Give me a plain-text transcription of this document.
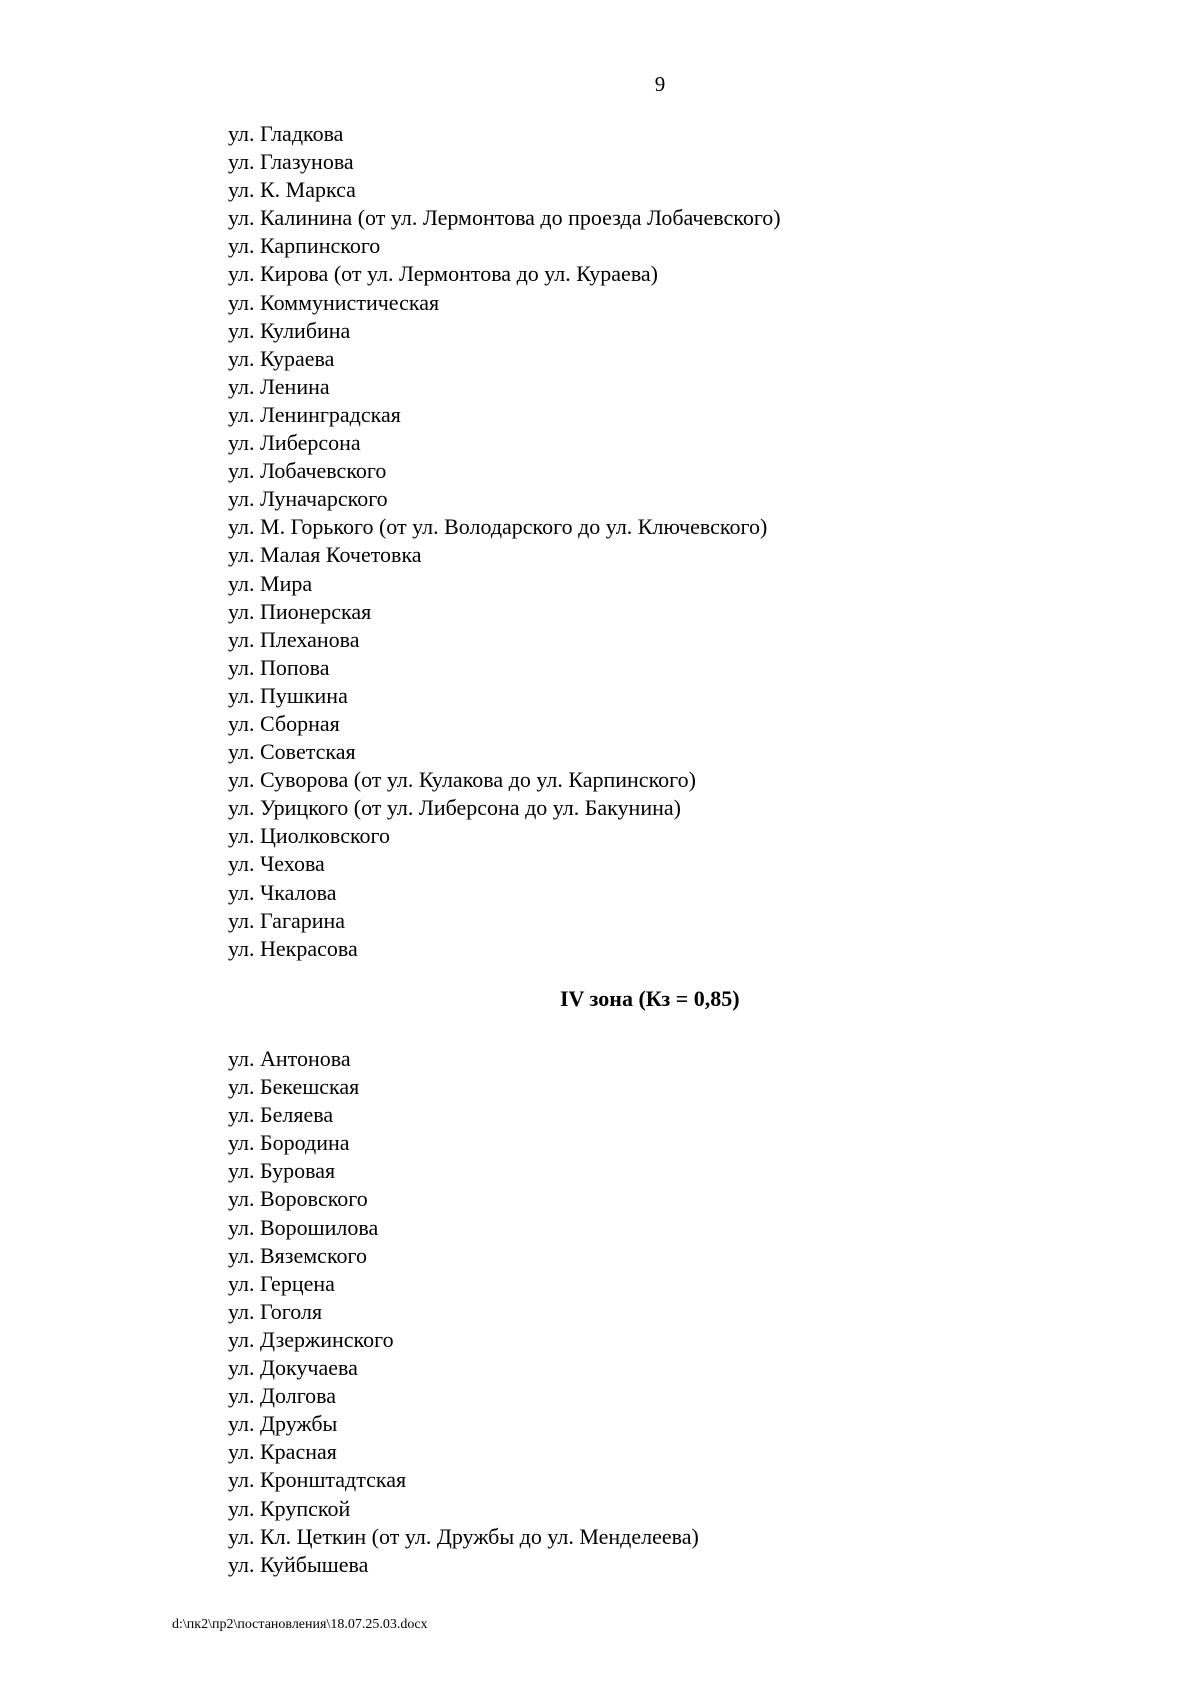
9
ул. Гладкова
ул. Глазунова
ул. К. Маркса
ул. Калинина (от ул. Лермонтова до проезда Лобачевского)
ул. Карпинского
ул. Кирова (от ул. Лермонтова до ул. Кураева)
ул. Коммунистическая
ул. Кулибина
ул. Кураева
ул. Ленина
ул. Ленинградская
ул. Либерсона
ул. Лобачевского
ул. Луначарского
ул. М. Горького (от ул. Володарского до ул. Ключевского)
ул. Малая Кочетовка
ул. Мира
ул. Пионерская
ул. Плеханова
ул. Попова
ул. Пушкина
ул. Сборная
ул. Советская
ул. Суворова (от ул. Кулакова до ул. Карпинского)
ул. Урицкого (от ул. Либерсона до ул. Бакунина)
ул. Циолковского
ул. Чехова
ул. Чкалова
ул. Гагарина
ул. Некрасова
IV зона (Кз = 0,85)
ул. Антонова
ул. Бекешская
ул. Беляева
ул. Бородина
ул. Буровая
ул. Воровского
ул. Ворошилова
ул. Вяземского
ул. Герцена
ул. Гоголя
ул. Дзержинского
ул. Докучаева
ул. Долгова
ул. Дружбы
ул. Красная
ул. Кронштадтская
ул. Крупской
ул. Кл. Цеткин (от ул. Дружбы до ул. Менделеева)
ул. Куйбышева
d:\пк2\пр2\постановления\18.07.25.03.docx
